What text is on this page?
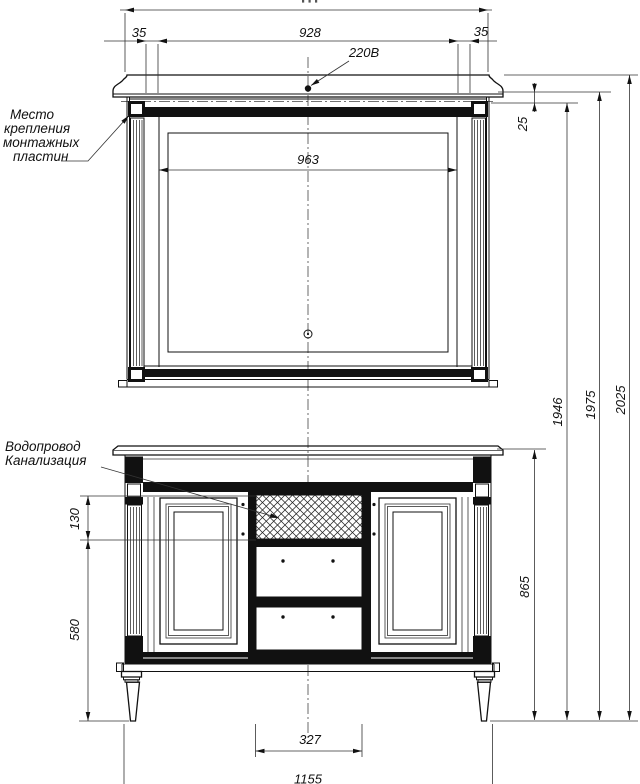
35	928	35
220В
963
25
865
1946 1975 2025
130
580
327
1155
Место
крепления
монтажных
пластин
Водопровод
Канализация
